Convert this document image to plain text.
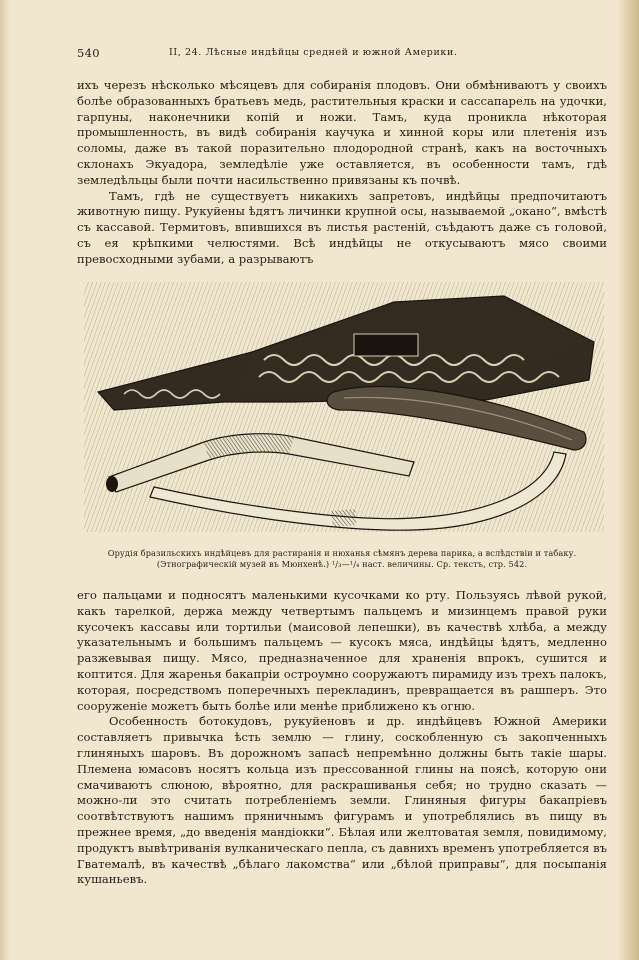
540	II, 24. Лѣсные индѣйцы средней и южной Америки.

ихъ черезъ нѣсколько мѣсяцевъ для собиранія плодовъ. Они обмѣниваютъ у своихъ болѣе образованныхъ братьевъ медь, растительныя краски и сассапарель на удочки, гарпуны, наконечники копій и ножи. Тамъ, куда проникла нѣкоторая промышленность, въ видѣ собиранія каучука и хинной коры или плетенія изъ соломы, даже въ такой поразительно плодородной странѣ, какъ на восточныхъ склонахъ Экуадора, земледѣліе уже оставляется, въ особенности тамъ, гдѣ земледѣльцы были почти насильственно привязаны къ почвѣ.

Тамъ, гдѣ не существуетъ никакихъ запретовъ, индѣйцы предпочитаютъ животную пищу. Рукуйены ѣдятъ личинки крупной осы, называемой „окано“, вмѣстѣ съ кассавой. Термитовъ, впившихся въ листья растеній, съѣдаютъ даже съ головой, съ ея крѣпкими челюстями. Всѣ индѣйцы не откусываютъ мясо своими превосходными зубами, а разрываютъ

Орудія бразильскихъ индѣйцевъ для растиранія и нюханья сѣмянъ дерева парика, а вслѣдствіи и табаку. (Этнографическій музей въ Мюнхенѣ.) ¹/₃—¹/₄ наст. величины. Ср. текстъ, стр. 542.

его пальцами и подносятъ маленькими кусочками ко рту. Пользуясь лѣвой рукой, какъ тарелкой, держа между четвертымъ пальцемъ и мизинцемъ правой руки кусочекъ кассавы или тортильи (маисовой лепешки), въ качествѣ хлѣба, а между указательнымъ и большимъ пальцемъ — кусокъ мяса, индѣйцы ѣдятъ, медленно разжевывая пищу. Мясо, предназначенное для храненія впрокъ, сушится и коптится. Для жаренья бакапріи остроумно сооружаютъ пирамиду изъ трехъ палокъ, которая, посредствомъ поперечныхъ перекладинъ, превращается въ рашперъ. Это сооруженіе можетъ быть болѣе или менѣе приближено къ огню.

Особенность ботокудовъ, рукуйеновъ и др. индѣйцевъ Южной Америки составляетъ привычка ѣсть землю — глину, соскобленную съ закопченныхъ глиняныхъ шаровъ. Въ дорожномъ запасѣ непремѣнно должны быть такіе шары. Племена юмасовъ носятъ кольца изъ прессованной глины на поясѣ, которую они смачиваютъ слюною, вѣроятно, для раскрашиванья себя; но трудно сказать — можно-ли это считать потребленіемъ земли. Глиняныя фигуры бакапріевъ соотвѣтствуютъ нашимъ пряничнымъ фигурамъ и употреблялись въ пищу въ прежнее время, „до введенія мандіокки“. Бѣлая или желтоватая земля, повидимому, продуктъ вывѣтриванія вулканическаго пепла, съ давнихъ временъ употребляется въ Гватемалѣ, въ качествѣ „бѣлаго лакомства“ или „бѣлой приправы“, для посыпанія кушаньевъ.
